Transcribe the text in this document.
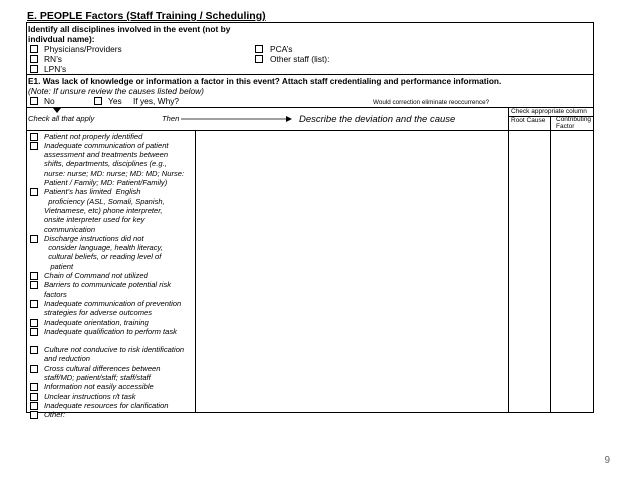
E. PEOPLE Factors (Staff Training / Scheduling)
Identify all disciplines involved in the event (not by
indivdual name):
Physicians/Providers
RN’s
LPN’s
PCA’s
Other staff (list):
E1. Was lack of knowledge or information a factor in this event? Attach staff credentialing and performance information.
(Note: If unsure review the causes listed below)
No	Yes If yes, Why?	Would correction eliminate reoccurrence?
Check all that apply	Then	Describe the deviation and the cause
Check appropriate column
Root Cause Contributing
Factor
Patient not properly identified
Inadequate communication of patient
assessment and treatments between
shifts, departments, disciplines (e.g.,
nurse: nurse; MD: nurse; MD: MD; Nurse:
Patient / Family; MD: Patient/Family)
Patient’s has limited  English
proficiency (ASL, Somali, Spanish,
Vietnamese, etc) phone interpreter,
onsite interpreter used for key
communication
Discharge instructions did not
consider language, health literacy,
cultural beliefs, or reading level of
patient
Chain of Command not utilized
Barriers to communicate potential risk
factors
Inadequate communication of prevention
strategies for adverse outcomes
Inadequate orientation, training
Inadequate qualification to perform task
Culture not conducive to risk identification
and reduction
Cross cultural differences between
staff/MD; patient/staff; staff/staff
Information not easily accessible
Unclear instructions r/t task
Inadequate resources for clarification
Other:
9
